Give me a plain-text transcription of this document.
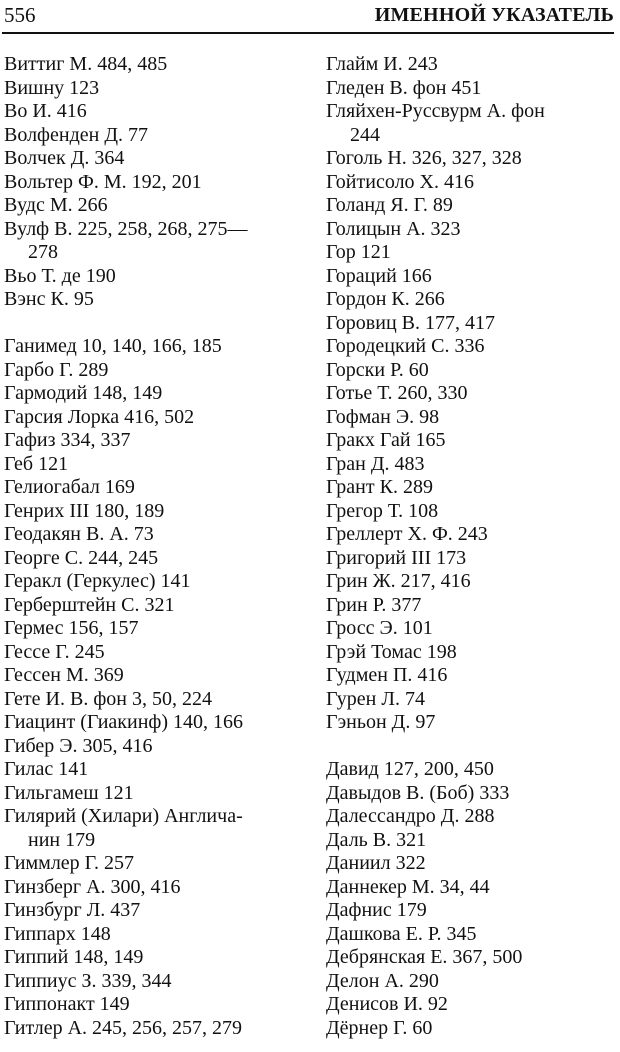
556	ИМЕННОЙ УКАЗАТЕЛЬ
Виттиг М. 484, 485
Вишну 123
Во И. 416
Волфенден Д. 77
Волчек Д. 364
Вольтер Ф. М. 192, 201
Вудс М. 266
Вулф В. 225, 258, 268, 275—
278
Вьо Т. де 190
Вэнс К. 95
Ганимед 10, 140, 166, 185
Гарбо Г. 289
Гармодий 148, 149
Гарсия Лорка 416, 502
Гафиз 334, 337
Геб 121
Гелиогабал 169
Генрих III 180, 189
Геодакян В. А. 73
Георге С. 244, 245
Геракл (Геркулес) 141
Герберштейн С. 321
Гермес 156, 157
Гессе Г. 245
Гессен М. 369
Гете И. В. фон 3, 50, 224
Гиацинт (Гиакинф) 140, 166
Гибер Э. 305, 416
Гилас 141
Гильгамеш 121
Гилярий (Хилари) Англича-
нин 179
Гиммлер Г. 257
Гинзберг А. 300, 416
Гинзбург Л. 437
Гиппарх 148
Гиппий 148, 149
Гиппиус З. 339, 344
Гиппонакт 149
Гитлер А. 245, 256, 257, 279
Глайм И. 243
Гледен В. фон 451
Гляйхен-Руссвурм А. фон
244
Гоголь Н. 326, 327, 328
Гойтисоло Х. 416
Голанд Я. Г. 89
Голицын А. 323
Гор 121
Гораций 166
Гордон К. 266
Горовиц В. 177, 417
Городецкий С. 336
Горски Р. 60
Готье Т. 260, 330
Гофман Э. 98
Гракх Гай 165
Гран Д. 483
Грант К. 289
Грегор Т. 108
Греллерт Х. Ф. 243
Григорий III 173
Грин Ж. 217, 416
Грин Р. 377
Гросс Э. 101
Грэй Томас 198
Гудмен П. 416
Гурен Л. 74
Гэньон Д. 97
Давид 127, 200, 450
Давыдов В. (Боб) 333
Далессандро Д. 288
Даль В. 321
Даниил 322
Даннекер М. 34, 44
Дафнис 179
Дашкова Е. Р. 345
Дебрянская Е. 367, 500
Делон А. 290
Денисов И. 92
Дёрнер Г. 60
